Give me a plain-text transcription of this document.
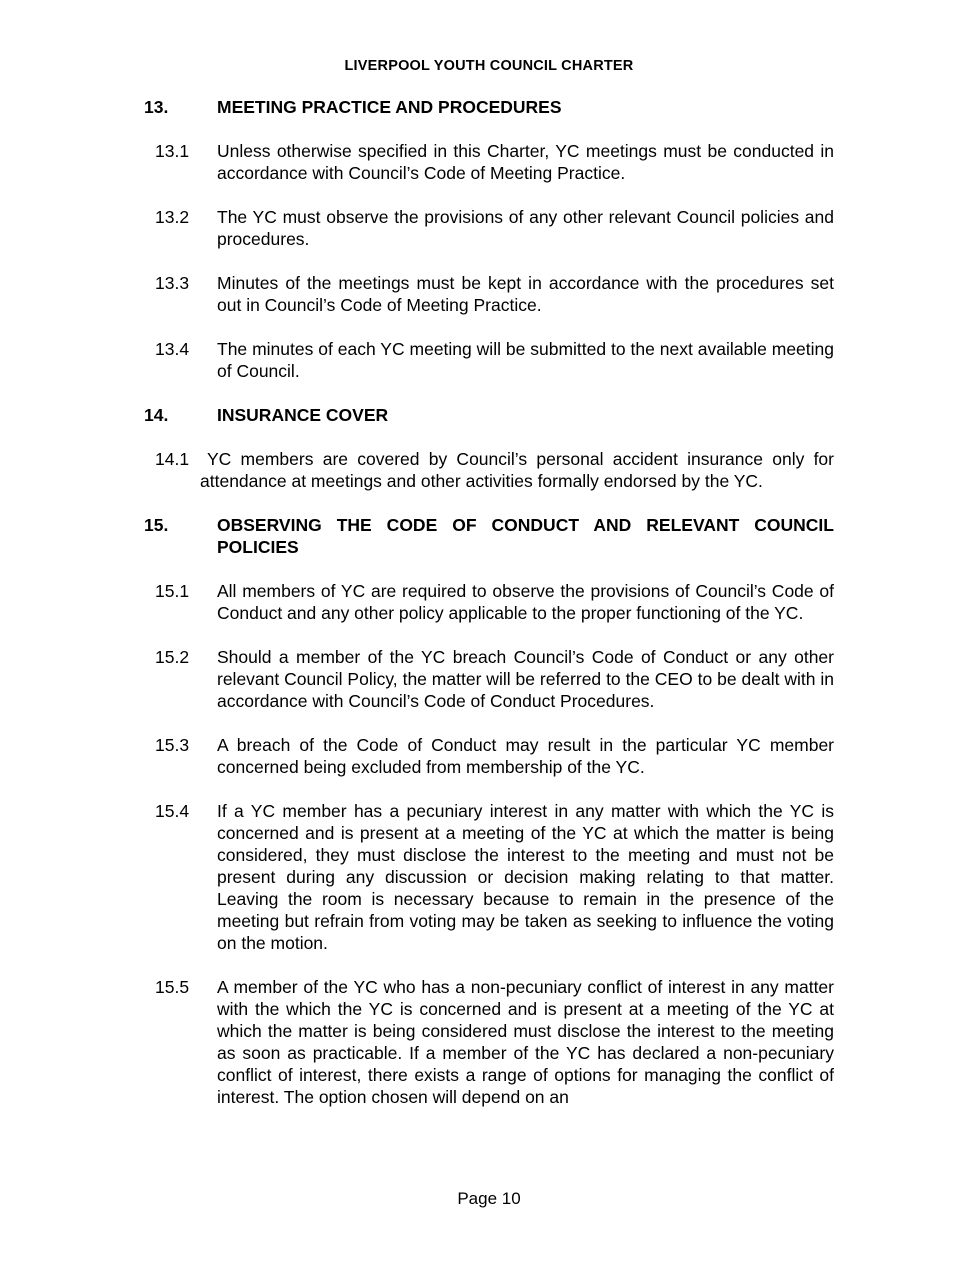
LIVERPOOL YOUTH COUNCIL CHARTER
13.	MEETING PRACTICE AND PROCEDURES
13.1 Unless otherwise specified in this Charter, YC meetings must be conducted in accordance with Council’s Code of Meeting Practice.
13.2 The YC must observe the provisions of any other relevant Council policies and procedures.
13.3 Minutes of the meetings must be kept in accordance with the procedures set out in Council’s Code of Meeting Practice.
13.4 The minutes of each YC meeting will be submitted to the next available meeting of Council.
14.	INSURANCE COVER
14.1 YC members are covered by Council’s personal accident insurance only for attendance at meetings and other activities formally endorsed by the YC.
15.	OBSERVING THE CODE OF CONDUCT AND RELEVANT COUNCIL POLICIES
15.1 All members of YC are required to observe the provisions of Council’s Code of Conduct and any other policy applicable to the proper functioning of the YC.
15.2 Should a member of the YC breach Council’s Code of Conduct or any other relevant Council Policy, the matter will be referred to the CEO to be dealt with in accordance with Council’s Code of Conduct Procedures.
15.3 A breach of the Code of Conduct may result in the particular YC member concerned being excluded from membership of the YC.
15.4 If a YC member has a pecuniary interest in any matter with which the YC is concerned and is present at a meeting of the YC at which the matter is being considered, they must disclose the interest to the meeting and must not be present during any discussion or decision making relating to that matter. Leaving the room is necessary because to remain in the presence of the meeting but refrain from voting may be taken as seeking to influence the voting on the motion.
15.5 A member of the YC who has a non-pecuniary conflict of interest in any matter with the which the YC is concerned and is present at a meeting of the YC at which the matter is being considered must disclose the interest to the meeting as soon as practicable. If a member of the YC has declared a non-pecuniary conflict of interest, there exists a range of options for managing the conflict of interest. The option chosen will depend on an
Page 10
